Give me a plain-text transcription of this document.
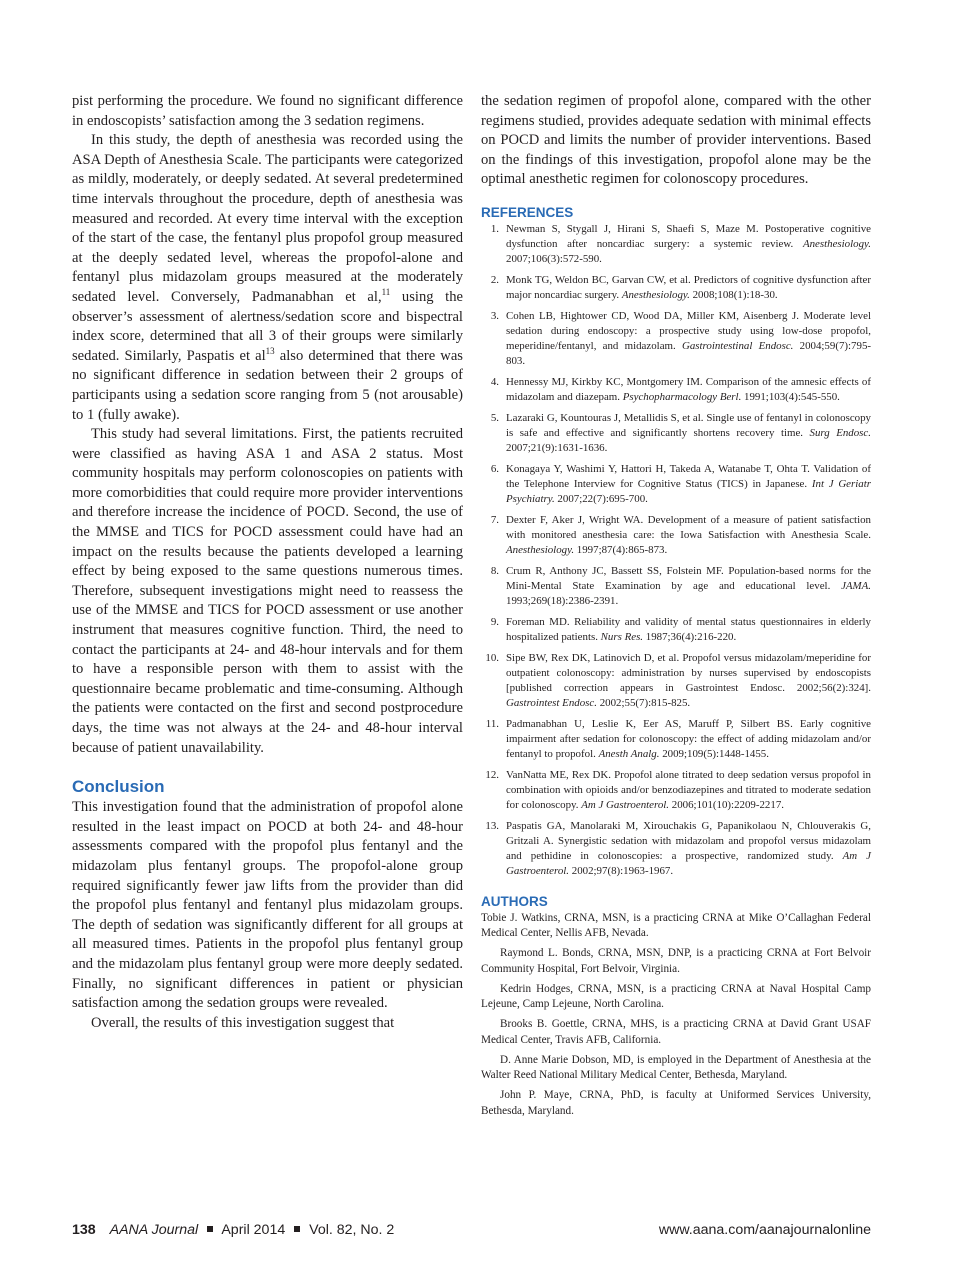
pist performing the procedure. We found no significant difference in endoscopists’ satisfaction among the 3 sedation regimens.

In this study, the depth of anesthesia was recorded using the ASA Depth of Anesthesia Scale. The participants were categorized as mildly, moderately, or deeply sedated. At several predetermined time intervals throughout the procedure, depth of anesthesia was measured and recorded. At every time interval with the exception of the start of the case, the fentanyl plus propofol group measured at the deeply sedated level, whereas the propofol-alone and fentanyl plus midazolam groups measured at the moderately sedated level. Conversely, Padmanabhan et al,$^{11}$ using the observer’s assessment of alertness/sedation score and bispectral index score, determined that all 3 of their groups were similarly sedated. Similarly, Paspatis et $al^{13}$ also determined that there was no significant difference in sedation between their 2 groups of participants using a sedation score ranging from 5 (not arousable) to 1 (fully awake).

This study had several limitations. First, the patients recruited were classified as having ASA 1 and ASA 2 status. Most community hospitals may perform colonoscopies on patients with more comorbidities that could require more provider interventions and therefore increase the incidence of POCD. Second, the use of the MMSE and TICS for POCD assessment could have had an impact on the results because the patients developed a learning effect by being exposed to the same questions numerous times. Therefore, subsequent investigations might need to reassess the use of the MMSE and TICS for POCD assessment or use another instrument that measures cognitive function. Third, the need to contact the participants at 24- and 48-hour intervals and for them to have a responsible person with them to assist with the questionnaire became problematic and time-consuming. Although the patients were contacted on the first and second postprocedure days, the time was not always at the 24- and 48-hour interval because of patient unavailability.

Conclusion

This investigation found that the administration of propofol alone resulted in the least impact on POCD at both 24- and 48-hour assessments compared with the propofol plus fentanyl and the midazolam plus fentanyl groups. The propofol-alone group required significantly fewer jaw lifts from the provider than did the propofol plus fentanyl and fentanyl plus midazolam groups. The depth of sedation was significantly different for all groups at all measured times. Patients in the propofol plus fentanyl group and the midazolam plus fentanyl group were more deeply sedated. Finally, no significant differences in patient or physician satisfaction among the sedation groups were revealed.

Overall, the results of this investigation suggest that

the sedation regimen of propofol alone, compared with the other regimens studied, provides adequate sedation with minimal effects on POCD and limits the number of provider interventions. Based on the findings of this investigation, propofol alone may be the optimal anesthetic regimen for colonoscopy procedures.

REFERENCES
1. Newman S, Stygall J, Hirani S, Shaefi S, Maze M. Postoperative cognitive dysfunction after noncardiac surgery: a systemic review. Anesthesiology. 2007;106(3):572-590.
2. Monk TG, Weldon BC, Garvan CW, et al. Predictors of cognitive dysfunction after major noncardiac surgery. Anesthesiology. 2008;108(1):18-30.
3. Cohen LB, Hightower CD, Wood DA, Miller KM, Aisenberg J. Moderate level sedation during endoscopy: a prospective study using low-dose propofol, meperidine/fentanyl, and midazolam. Gastrointestinal Endosc. 2004;59(7):795-803.
4. Hennessy MJ, Kirkby KC, Montgomery IM. Comparison of the amnesic effects of midazolam and diazepam. Psychopharmacology Berl. 1991;103(4):545-550.
5. Lazaraki G, Kountouras J, Metallidis S, et al. Single use of fentanyl in colonoscopy is safe and effective and significantly shortens recovery time. Surg Endosc. 2007;21(9):1631-1636.
6. Konagaya Y, Washimi Y, Hattori H, Takeda A, Watanabe T, Ohta T. Validation of the Telephone Interview for Cognitive Status (TICS) in Japanese. Int J Geriatr Psychiatry. 2007;22(7):695-700.
7. Dexter F, Aker J, Wright WA. Development of a measure of patient satisfaction with monitored anesthesia care: the Iowa Satisfaction with Anesthesia Scale. Anesthesiology. 1997;87(4):865-873.
8. Crum R, Anthony JC, Bassett SS, Folstein MF. Population-based norms for the Mini-Mental State Examination by age and educational level. JAMA. 1993;269(18):2386-2391.
9. Foreman MD. Reliability and validity of mental status questionnaires in elderly hospitalized patients. Nurs Res. 1987;36(4):216-220.
10. Sipe BW, Rex DK, Latinovich D, et al. Propofol versus midazolam/meperidine for outpatient colonoscopy: administration by nurses supervised by endoscopists [published correction appears in Gastrointest Endosc. 2002;56(2):324]. Gastrointest Endosc. 2002;55(7):815-825.
11. Padmanabhan U, Leslie K, Eer AS, Maruff P, Silbert BS. Early cognitive impairment after sedation for colonoscopy: the effect of adding midazolam and/or fentanyl to propofol. Anesth Analg. 2009;109(5):1448-1455.
12. VanNatta ME, Rex DK. Propofol alone titrated to deep sedation versus propofol in combination with opioids and/or benzodiazepines and titrated to moderate sedation for colonoscopy. Am J Gastroenterol. 2006;101(10):2209-2217.
13. Paspatis GA, Manolaraki M, Xirouchakis G, Papanikolaou N, Chlouverakis G, Gritzali A. Synergistic sedation with midazolam and propofol versus midazolam and pethidine in colonoscopies: a prospective, randomized study. Am J Gastroenterol. 2002;97(8):1963-1967.
AUTHORS

Tobie J. Watkins, CRNA, MSN, is a practicing CRNA at Mike O’Callaghan Federal Medical Center, Nellis AFB, Nevada.

Raymond L. Bonds, CRNA, MSN, DNP, is a practicing CRNA at Fort Belvoir Community Hospital, Fort Belvoir, Virginia.

Kedrin Hodges, CRNA, MSN, is a practicing CRNA at Naval Hospital Camp Lejeune, Camp Lejeune, North Carolina.

Brooks B. Goettle, CRNA, MHS, is a practicing CRNA at David Grant USAF Medical Center, Travis AFB, California.

D. Anne Marie Dobson, MD, is employed in the Department of Anesthesia at the Walter Reed National Military Medical Center, Bethesda, Maryland.

John P. Maye, CRNA, PhD, is faculty at Uniformed Services University, Bethesda, Maryland.

138 AANA Journal April 2014 Vol. 82, No. 2	www.aana.com/aanajournalonline
